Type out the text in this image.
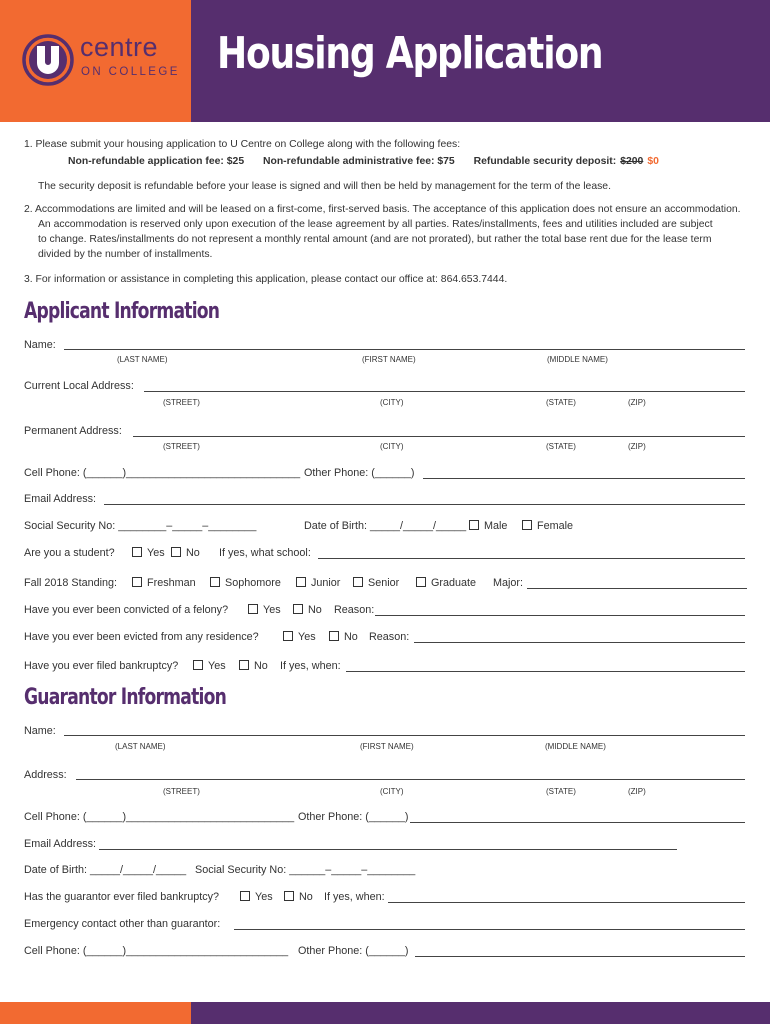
centre
ON COLLEGE Housing Application
1. Please submit your housing application to U Centre on College along with the following fees:
Non-refundable application fee: $25 Non-refundable administrative fee: $75 Refundable security deposit: $200 $0
The security deposit is refundable before your lease is signed and will then be held by management for the term of the lease.
2. Accommodations are limited and will be leased on a first-come, first-served basis. The acceptance of this application does not ensure an accommodation.
An accommodation is reserved only upon execution of the lease agreement by all parties. Rates/installments, fees and utilities included are subject
to change. Rates/installments do not represent a monthly rental amount (and are not prorated), but rather the total base rent due for the lease term
divided by the number of installments.
3. For information or assistance in completing this application, please contact our office at: 864.653.7444.
Applicant Information
Name:
(LAST NAME)	(FIRST NAME)	(MIDDLE NAME)
Current Local Address:
(STREET)	(CITY)	(STATE)	(ZIP)
Permanent Address:
(STREET)	(CITY)	(STATE)	(ZIP)
Cell Phone: (______)_____________________________ Other Phone: (______)
Email Address:
Social Security No: ________–_____–________	Date of Birth: _____/_____/_____	Male	Female
Are you a student?	Yes	No If yes, what school:
Fall 2018 Standing:	Freshman	Sophomore	Junior	Senior	Graduate Major:
Have you ever been convicted of a felony?	Yes	No Reason:
Have you ever been evicted from any residence?	Yes	No Reason:
Have you ever filed bankruptcy?	Yes	No If yes, when:
Guarantor Information
Name:
(LAST NAME)	(FIRST NAME)	(MIDDLE NAME)
Address:
(STREET)	(CITY)	(STATE)	(ZIP)
Cell Phone: (______)____________________________ Other Phone: (______)
Email Address:
Date of Birth: _____/_____/_____ Social Security No: ______–_____–________
Has the guarantor ever filed bankruptcy?	Yes	No If yes, when:
Emergency contact other than guarantor:
Cell Phone: (______)___________________________ Other Phone: (______)
